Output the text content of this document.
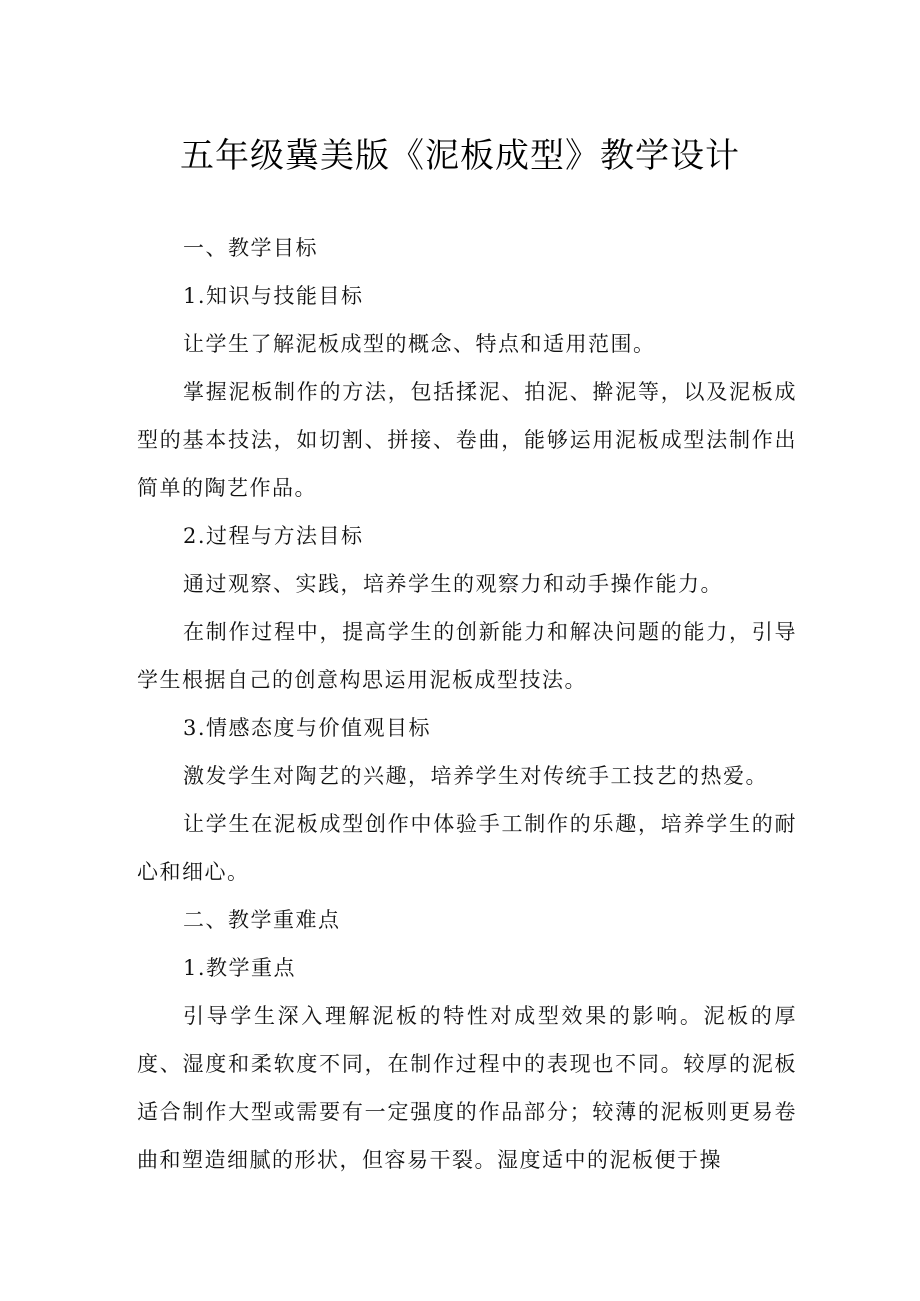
五年级冀美版《泥板成型》教学设计

一、教学目标

1.知识与技能目标

让学生了解泥板成型的概念、特点和适用范围。

掌握泥板制作的方法，包括揉泥、拍泥、擀泥等，以及泥板成型的基本技法，如切割、拼接、卷曲，能够运用泥板成型法制作出简单的陶艺作品。

2.过程与方法目标

通过观察、实践，培养学生的观察力和动手操作能力。

在制作过程中，提高学生的创新能力和解决问题的能力，引导学生根据自己的创意构思运用泥板成型技法。

3.情感态度与价值观目标

激发学生对陶艺的兴趣，培养学生对传统手工技艺的热爱。

让学生在泥板成型创作中体验手工制作的乐趣，培养学生的耐心和细心。

二、教学重难点

1.教学重点

引导学生深入理解泥板的特性对成型效果的影响。泥板的厚度、湿度和柔软度不同，在制作过程中的表现也不同。较厚的泥板适合制作大型或需要有一定强度的作品部分；较薄的泥板则更易卷曲和塑造细腻的形状，但容易干裂。湿度适中的泥板便于操
